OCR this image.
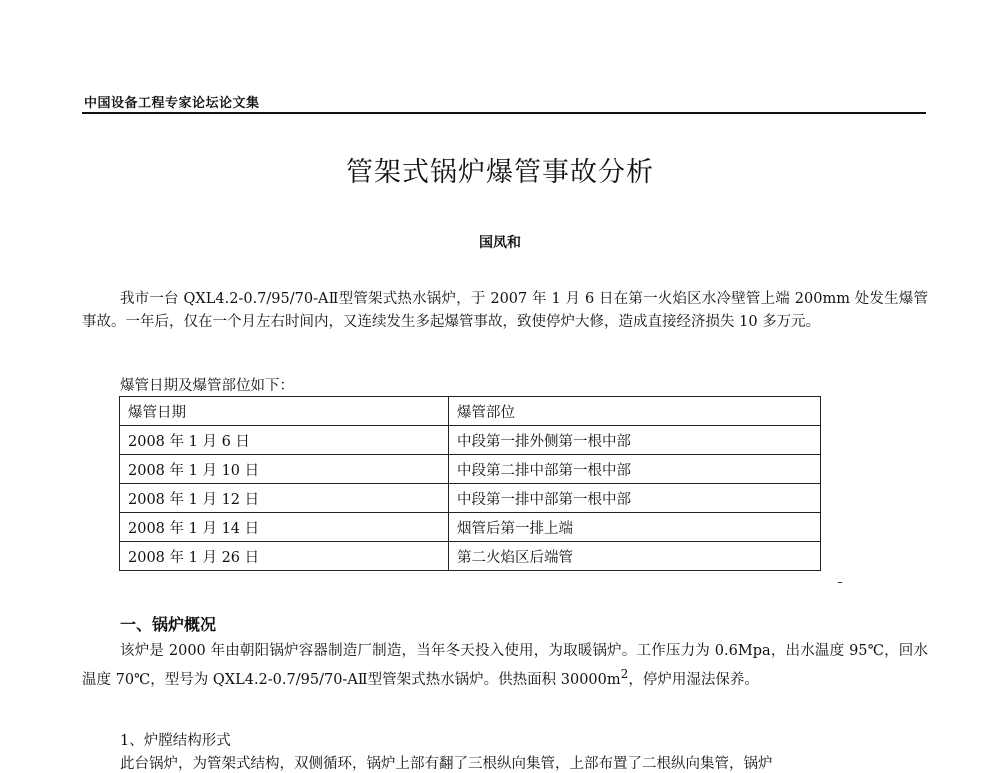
中国设备工程专家论坛论文集
管架式锅炉爆管事故分析
国凤和

我市一台 QXL4.2-0.7/95/70-AⅡ型管架式热水锅炉，于 2007 年 1 月 6 日在第一火焰区水冷壁管上端 200mm 处发生爆管事故。一年后，仅在一个月左右时间内，又连续发生多起爆管事故，致使停炉大修，造成直接经济损失 10 多万元。

爆管日期及爆管部位如下：
爆管日期	爆管部位
2008 年 1 月 6 日	中段第一排外侧第一根中部
2008 年 1 月 10 日	中段第二排中部第一根中部
2008 年 1 月 12 日	中段第一排中部第一根中部
2008 年 1 月 14 日	烟管后第一排上端
2008 年 1 月 26 日	第二火焰区后端管
一、锅炉概况

该炉是 2000 年由朝阳锅炉容器制造厂制造，当年冬天投入使用，为取暖锅炉。工作压力为 0.6Mpa，出水温度 95℃，回水温度 70℃，型号为 QXL4.2-0.7/95/70-AⅡ型管架式热水锅炉。供热面积 $30000m^2$，停炉用湿法保养。

1、炉膛结构形式
此台锅炉，为管架式结构，双侧循环，锅炉上部有翻了三根纵向集管，上部布置了二根纵向集管，锅炉
